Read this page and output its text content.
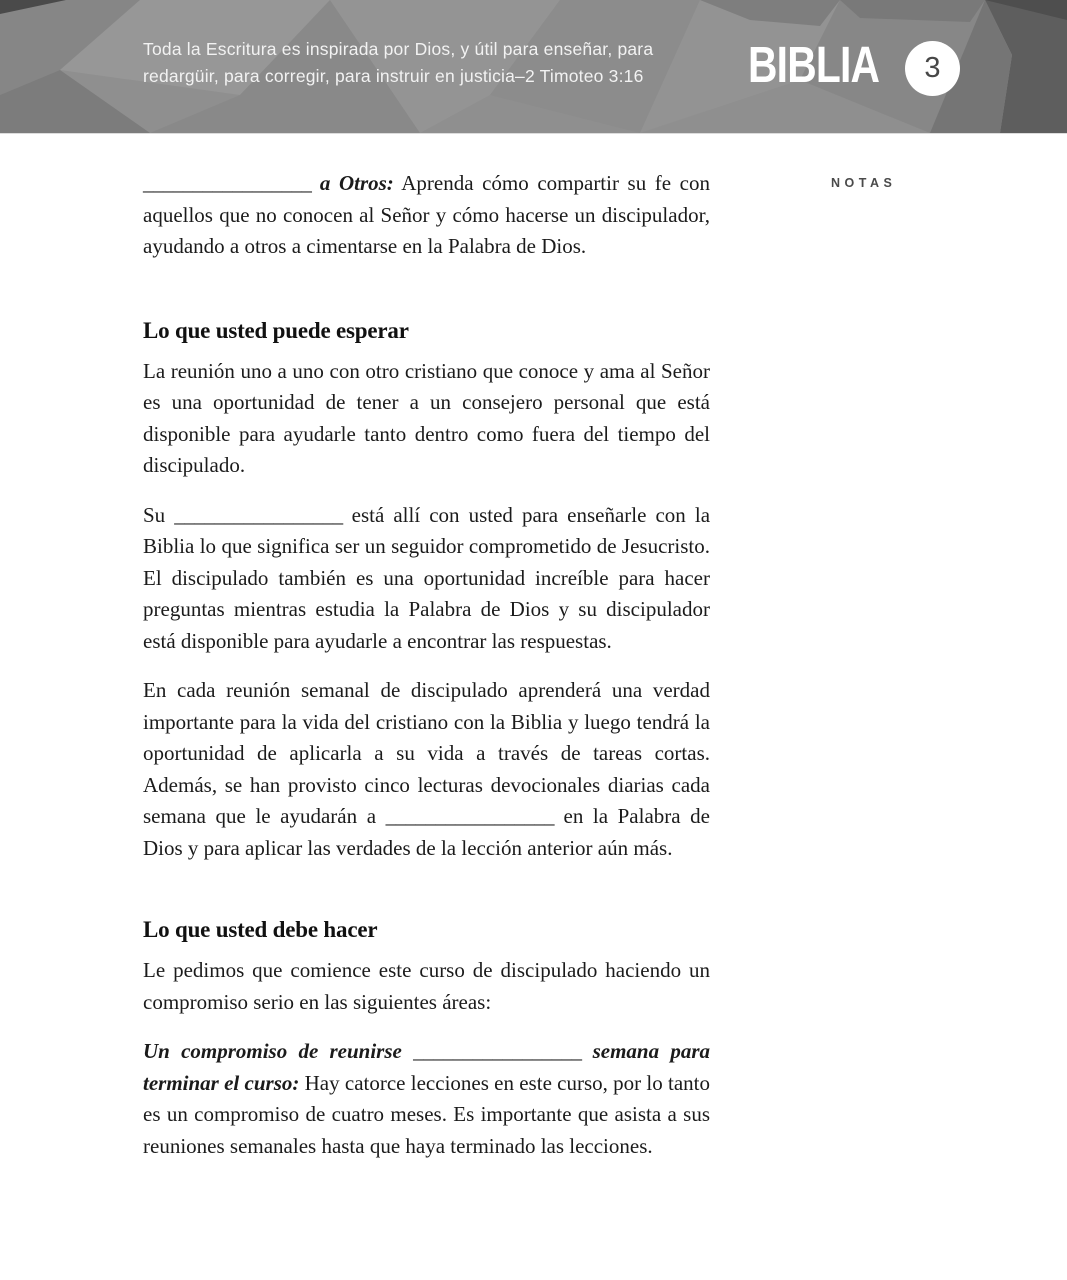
Toda la Escritura es inspirada por Dios, y útil para enseñar, para
redargüir, para corregir, para instruir en justicia–2 Timoteo 3:16 BIBLIA 3
NOTAS

_________________ a Otros: Aprenda cómo compartir su fe con aquellos que no conocen al Señor y cómo hacerse un discipulador, ayudando a otros a cimentarse en la Palabra de Dios.

Lo que usted puede esperar

La reunión uno a uno con otro cristiano que conoce y ama al Señor es una oportunidad de tener a un consejero personal que está disponible para ayudarle tanto dentro como fuera del tiempo del discipulado.

Su _________________ está allí con usted para enseñarle con la Biblia lo que significa ser un seguidor comprometido de Jesucristo. El discipulado también es una oportunidad increíble para hacer preguntas mientras estudia la Palabra de Dios y su discipulador está disponible para ayudarle a encontrar las respuestas.

En cada reunión semanal de discipulado aprenderá una verdad importante para la vida del cristiano con la Biblia y luego tendrá la oportunidad de aplicarla a su vida a través de tareas cortas. Además, se han provisto cinco lecturas devocionales diarias cada semana que le ayudarán a _________________ en la Palabra de Dios y para aplicar las verdades de la lección anterior aún más.

Lo que usted debe hacer

Le pedimos que comience este curso de discipulado haciendo un compromiso serio en las siguientes áreas:

Un compromiso de reunirse _________________ semana para terminar el curso: Hay catorce lecciones en este curso, por lo tanto es un compromiso de cuatro meses. Es importante que asista a sus reuniones semanales hasta que haya terminado las lecciones.
